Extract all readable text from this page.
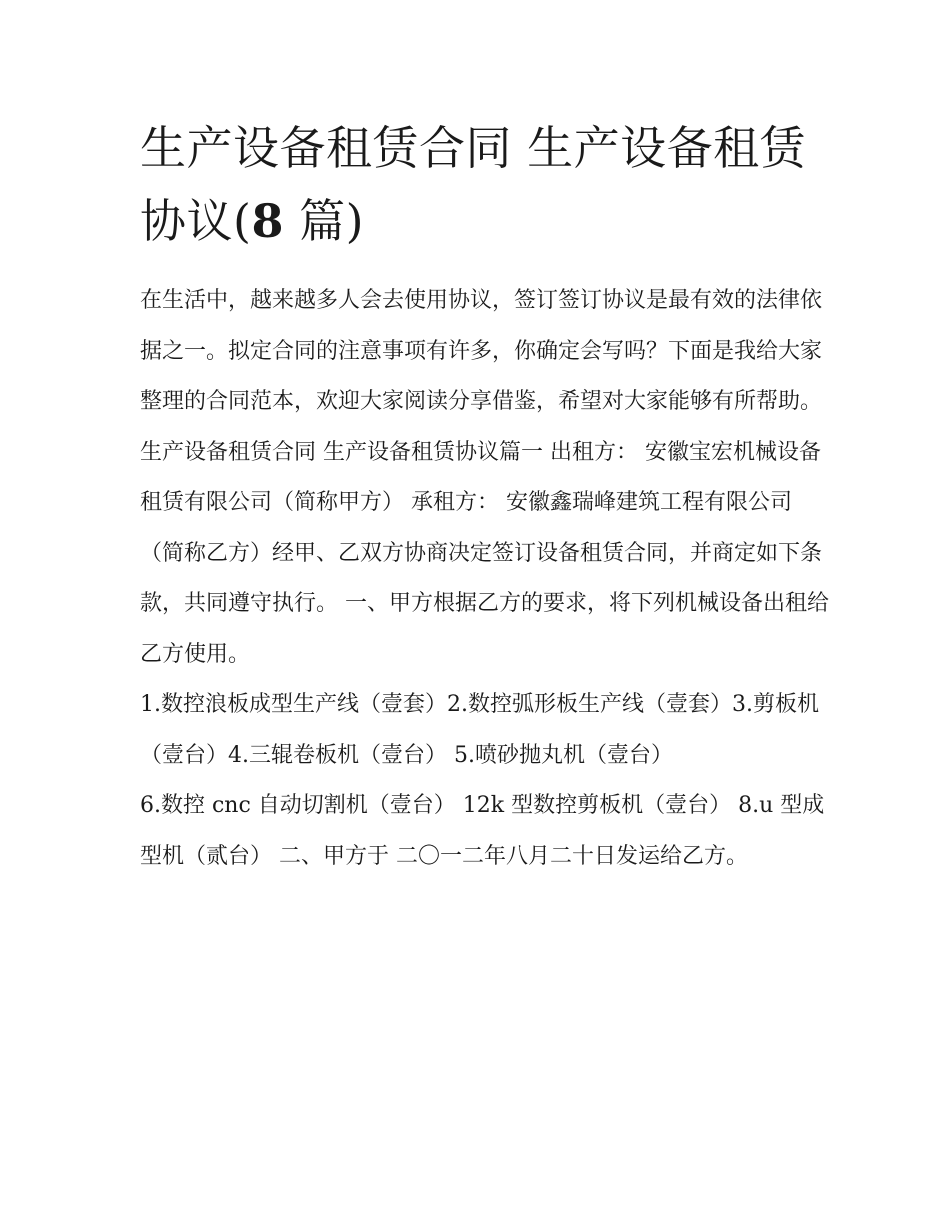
生产设备租赁合同 生产设备租赁协议(8 篇)

在生活中，越来越多人会去使用协议，签订签订协议是最有效的法律依据之一。拟定合同的注意事项有许多，你确定会写吗？下面是我给大家整理的合同范本，欢迎大家阅读分享借鉴，希望对大家能够有所帮助。

生产设备租赁合同 生产设备租赁协议篇一 出租方： 安徽宝宏机械设备租赁有限公司（简称甲方） 承租方： 安徽鑫瑞峰建筑工程有限公司

（简称乙方）经甲、乙双方协商决定签订设备租赁合同，并商定如下条款，共同遵守执行。 一、甲方根据乙方的要求，将下列机械设备出租给乙方使用。

1.数控浪板成型生产线（壹套）2.数控弧形板生产线（壹套）3.剪板机（壹台）4.三辊卷板机（壹台） 5.喷砂抛丸机（壹台）

6.数控 cnc 自动切割机（壹台） 12k 型数控剪板机（壹台） 8.u 型成型机（贰台） 二、甲方于 二〇一二年八月二十日发运给乙方。
